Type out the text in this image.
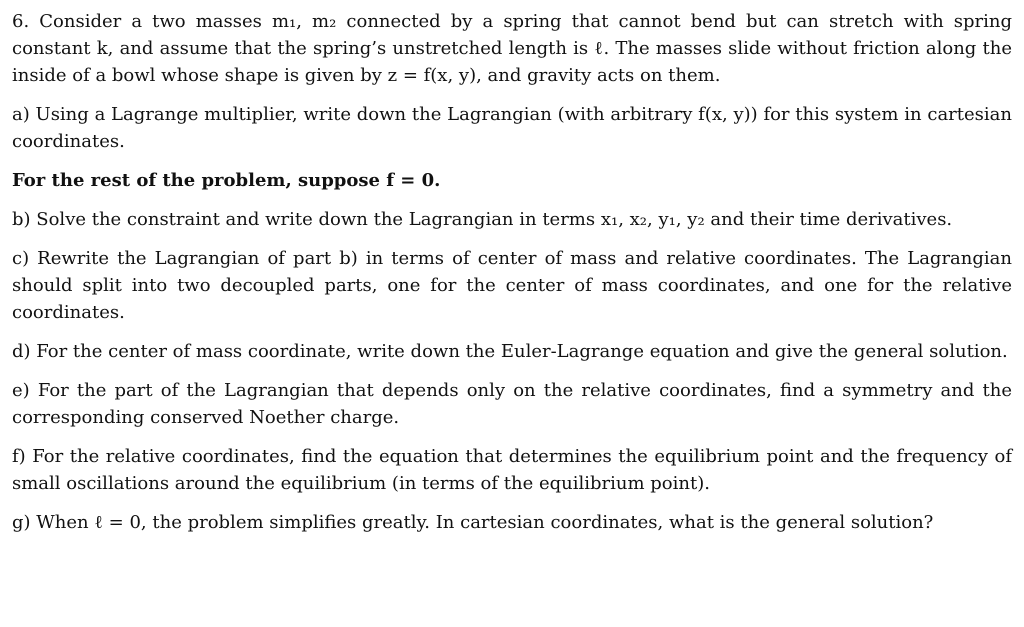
6. Consider a two masses m₁, m₂ connected by a spring that cannot bend but can stretch with spring constant k, and assume that the spring’s unstretched length is ℓ. The masses slide without friction along the inside of a bowl whose shape is given by z = f(x, y), and gravity acts on them.

a) Using a Lagrange multiplier, write down the Lagrangian (with arbitrary f(x, y)) for this system in cartesian coordinates.

For the rest of the problem, suppose f = 0.

b) Solve the constraint and write down the Lagrangian in terms x₁, x₂, y₁, y₂ and their time derivatives.

c) Rewrite the Lagrangian of part b) in terms of center of mass and relative coordinates. The Lagrangian should split into two decoupled parts, one for the center of mass coordinates, and one for the relative coordinates.

d) For the center of mass coordinate, write down the Euler-Lagrange equation and give the general solution.

e) For the part of the Lagrangian that depends only on the relative coordinates, find a symmetry and the corresponding conserved Noether charge.

f) For the relative coordinates, find the equation that determines the equilibrium point and the frequency of small oscillations around the equilibrium (in terms of the equilibrium point).

g) When ℓ = 0, the problem simplifies greatly. In cartesian coordinates, what is the general solution?
